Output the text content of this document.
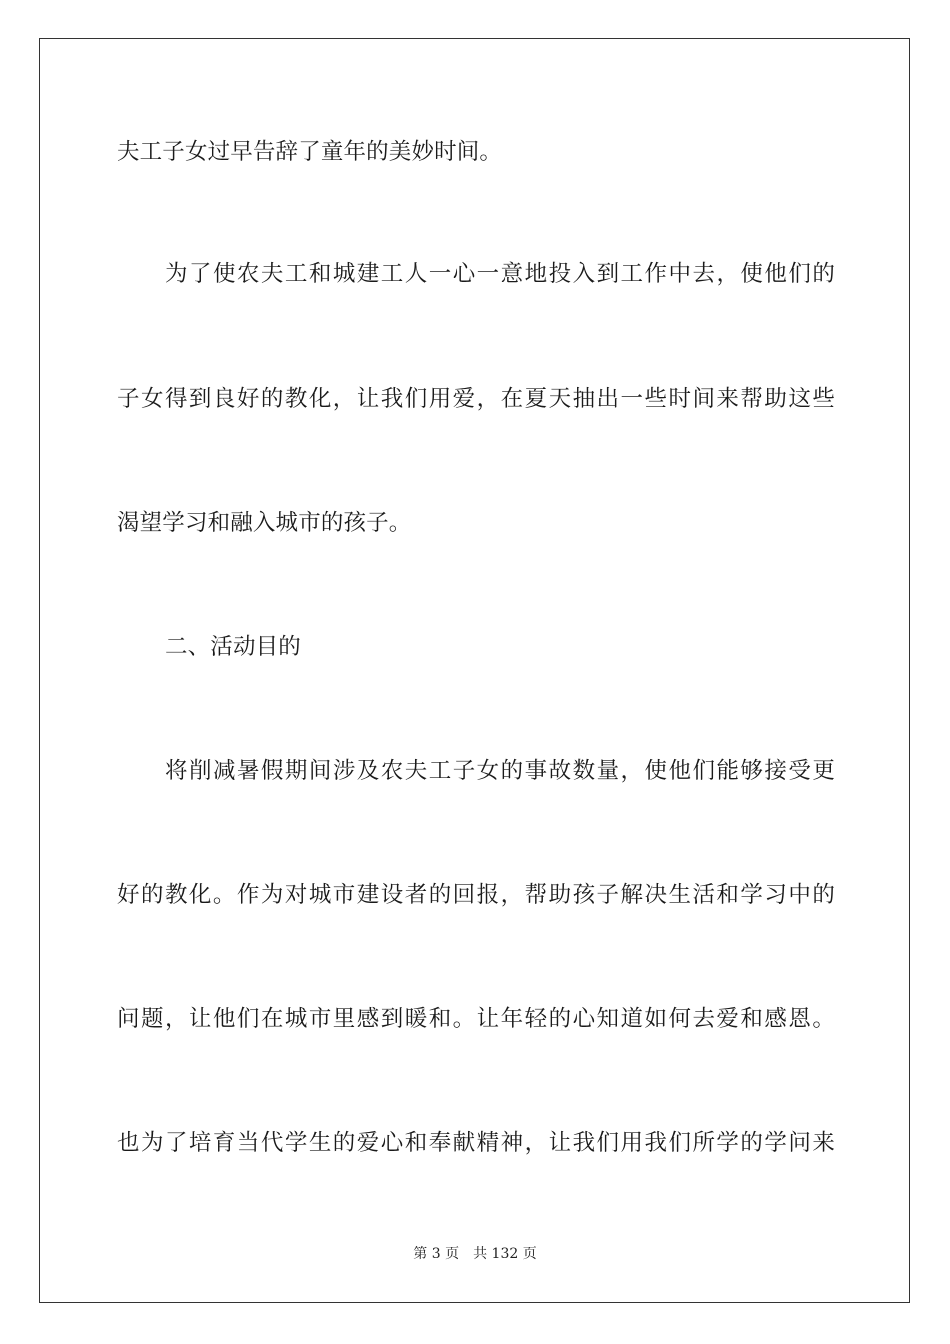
夫工子女过早告辞了童年的美妙时间。
为了使农夫工和城建工人一心一意地投入到工作中去，使他们的
子女得到良好的教化，让我们用爱，在夏天抽出一些时间来帮助这些
渴望学习和融入城市的孩子。
二、活动目的
将削减暑假期间涉及农夫工子女的事故数量，使他们能够接受更
好的教化。作为对城市建设者的回报，帮助孩子解决生活和学习中的
问题，让他们在城市里感到暖和。让年轻的心知道如何去爱和感恩。
也为了培育当代学生的爱心和奉献精神，让我们用我们所学的学问来
第 3 页　共 132 页
